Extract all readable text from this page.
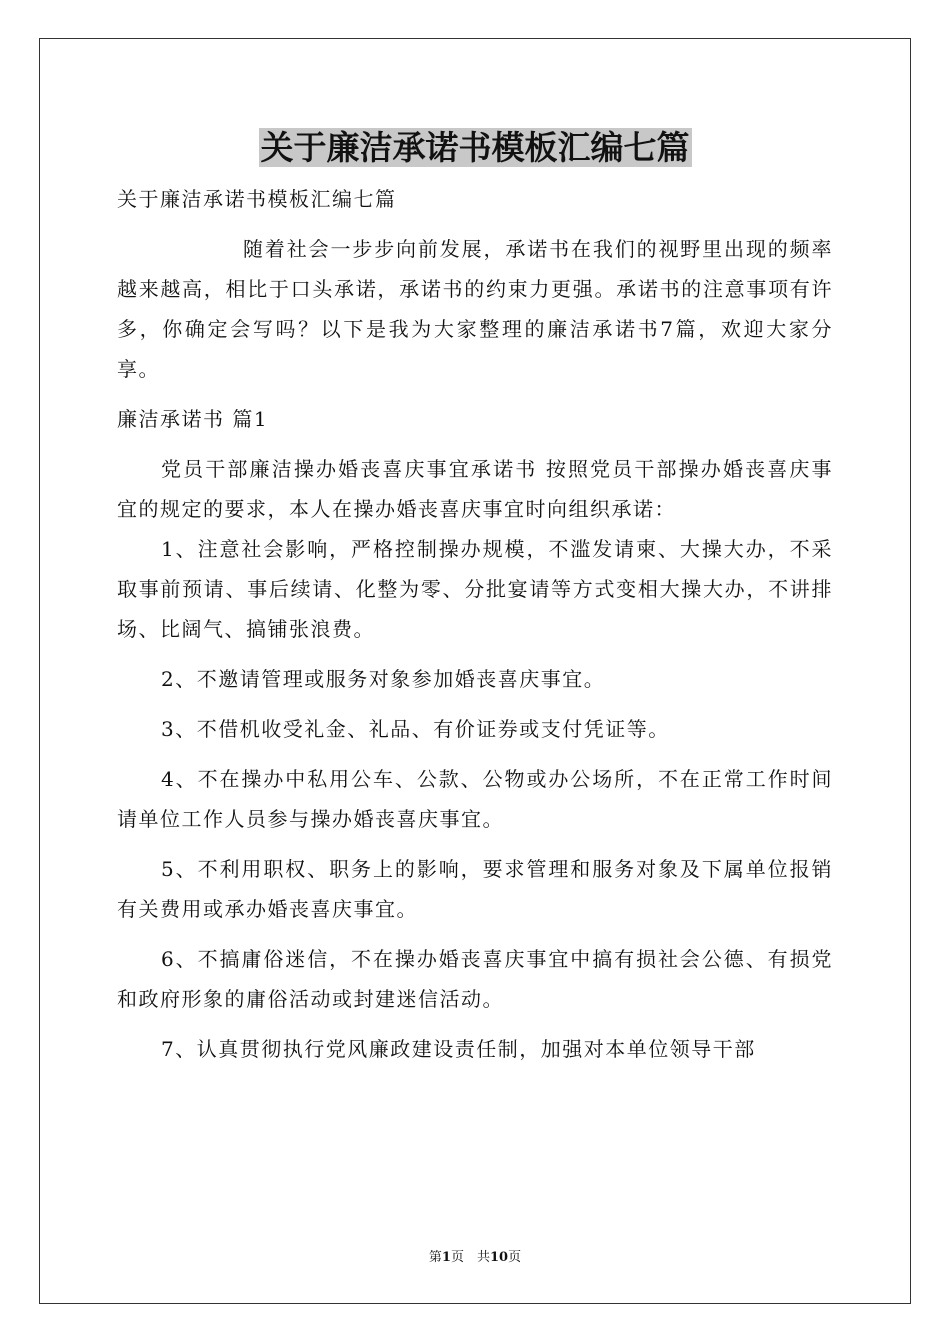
关于廉洁承诺书模板汇编七篇

关于廉洁承诺书模板汇编七篇

随着社会一步步向前发展，承诺书在我们的视野里出现的频率越来越高，相比于口头承诺，承诺书的约束力更强。承诺书的注意事项有许多，你确定会写吗？以下是我为大家整理的廉洁承诺书7篇，欢迎大家分享。

廉洁承诺书 篇1

党员干部廉洁操办婚丧喜庆事宜承诺书 按照党员干部操办婚丧喜庆事宜的规定的要求，本人在操办婚丧喜庆事宜时向组织承诺：

1、注意社会影响，严格控制操办规模，不滥发请柬、大操大办，不采取事前预请、事后续请、化整为零、分批宴请等方式变相大操大办，不讲排场、比阔气、搞铺张浪费。

2、不邀请管理或服务对象参加婚丧喜庆事宜。

3、不借机收受礼金、礼品、有价证券或支付凭证等。

4、不在操办中私用公车、公款、公物或办公场所，不在正常工作时间请单位工作人员参与操办婚丧喜庆事宜。

5、不利用职权、职务上的影响，要求管理和服务对象及下属单位报销有关费用或承办婚丧喜庆事宜。

6、不搞庸俗迷信，不在操办婚丧喜庆事宜中搞有损社会公德、有损党和政府形象的庸俗活动或封建迷信活动。

7、认真贯彻执行党风廉政建设责任制，加强对本单位领导干部

第1页　共10页
